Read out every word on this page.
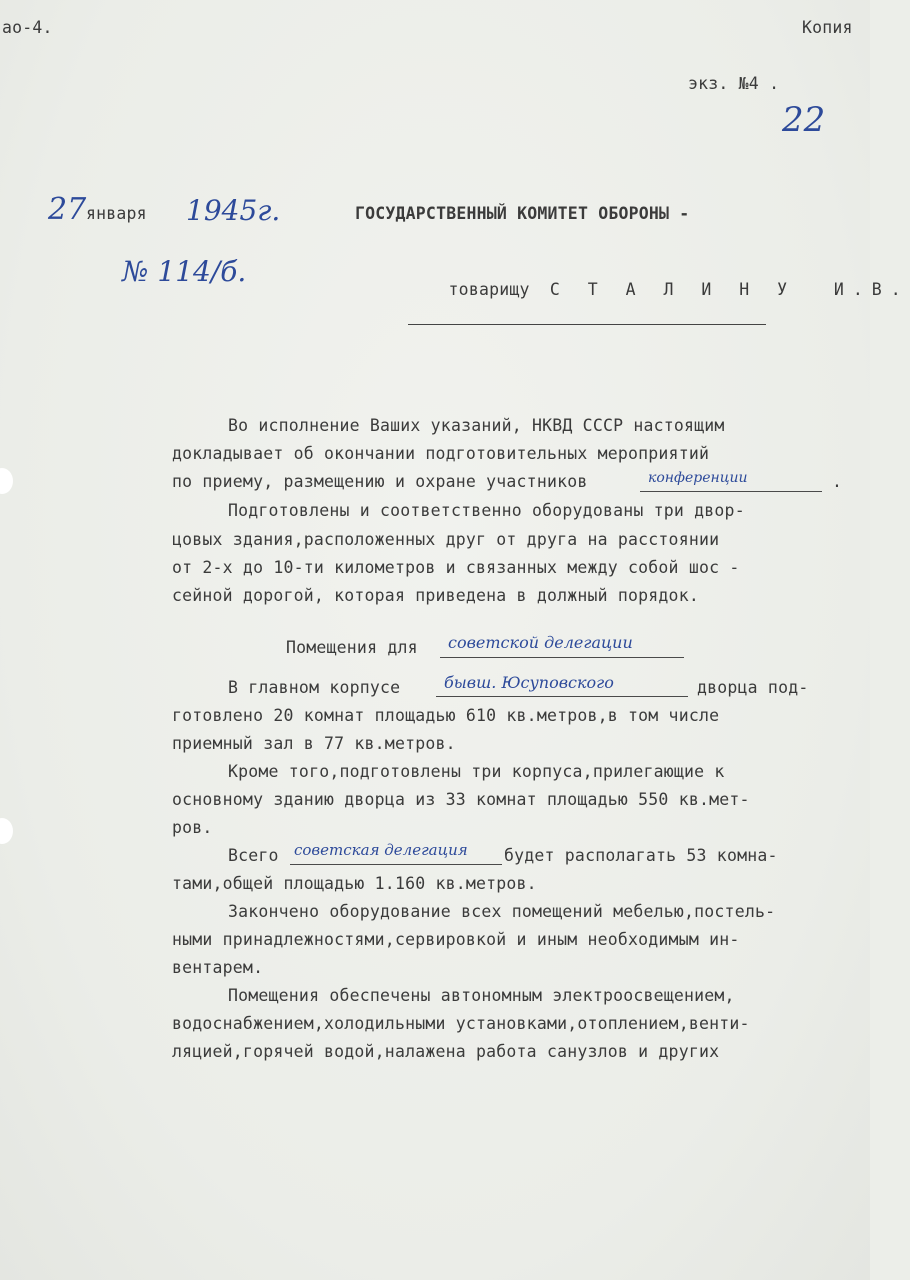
ао-4.	Копия
экз. №4 .
22
27 января 1945г.
№ 114/б.
ГОСУДАРСТВЕННЫЙ КОМИТЕТ ОБОРОНЫ -

товарищу С Т А Л И Н У  И.В.

Во исполнение Ваших указаний, НКВД СССР настоящим
докладывает об окончании подготовительных мероприятий
по приему, размещению и охране участников	конференции	.
Подготовлены и соответственно оборудованы три двор-
цовых здания,расположенных друг от друга на расстоянии
от 2-х до 10-ти километров и связанных между собой шос -
сейной дорогой, которая приведена в должный порядок.
Помещения для советской делегации
В главном корпусе	бывш. Юсуповского	дворца под-
готовлено 20 комнат площадью 610 кв.метров,в том числе
приемный зал в 77 кв.метров.
Кроме того,подготовлены три корпуса,прилегающие к
основному зданию дворца из 33 комнат площадью 550 кв.мет-
ров.
Всего советская делегация будет располагать 53 комна-
тами,общей площадью 1.160 кв.метров.
Закончено оборудование всех помещений мебелью,постель-
ными принадлежностями,сервировкой и иным необходимым ин-
вентарем.
Помещения обеспечены автономным электроосвещением,
водоснабжением,холодильными установками,отоплением,венти-
ляцией,горячей водой,налажена работа санузлов и других
